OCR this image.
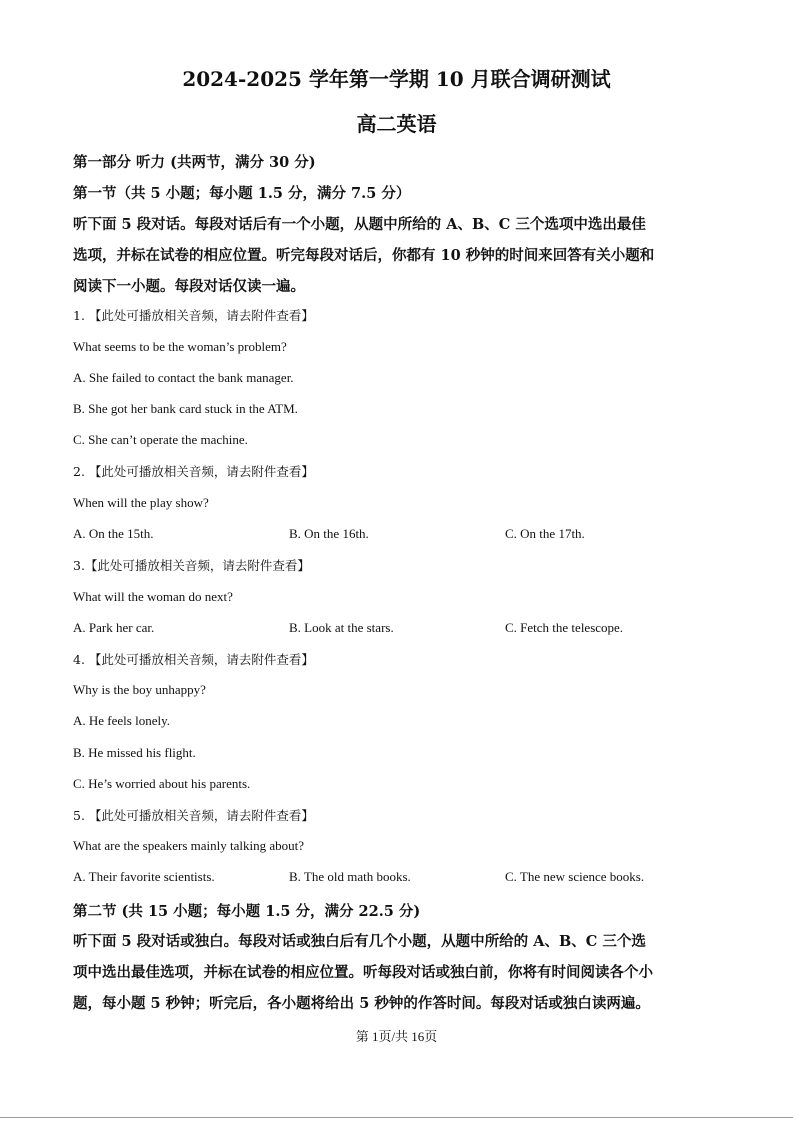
2024-2025 学年第一学期 10 月联合调研测试
高二英语
第一部分 听力 (共两节，满分 30 分)
第一节（共 5 小题；每小题 1.5 分，满分 7.5 分）
听下面 5 段对话。每段对话后有一个小题，从题中所给的 A、B、C 三个选项中选出最佳
选项，并标在试卷的相应位置。听完每段对话后，你都有 10 秒钟的时间来回答有关小题和
阅读下一小题。每段对话仅读一遍。
1. 【此处可播放相关音频，请去附件查看】
What seems to be the woman’s problem?
A. She failed to contact the bank manager.
B. She got her bank card stuck in the ATM.
C. She can’t operate the machine.
2. 【此处可播放相关音频，请去附件查看】
When will the play show?
A. On the 15th.	B. On the 16th.	C. On the 17th.
3.【此处可播放相关音频，请去附件查看】
What will the woman do next?
A. Park her car.	B. Look at the stars.	C. Fetch the telescope.
4. 【此处可播放相关音频，请去附件查看】
Why is the boy unhappy?
A. He feels lonely.
B. He missed his flight.
C. He’s worried about his parents.
5. 【此处可播放相关音频，请去附件查看】
What are the speakers mainly talking about?
A. Their favorite scientists.	B. The old math books.	C. The new science books.
第二节 (共 15 小题；每小题 1.5 分，满分 22.5 分)
听下面 5 段对话或独白。每段对话或独白后有几个小题，从题中所给的 A、B、C 三个选
项中选出最佳选项，并标在试卷的相应位置。听每段对话或独白前，你将有时间阅读各个小
题，每小题 5 秒钟；听完后，各小题将给出 5 秒钟的作答时间。每段对话或独白读两遍。
第 1页/共 16页
